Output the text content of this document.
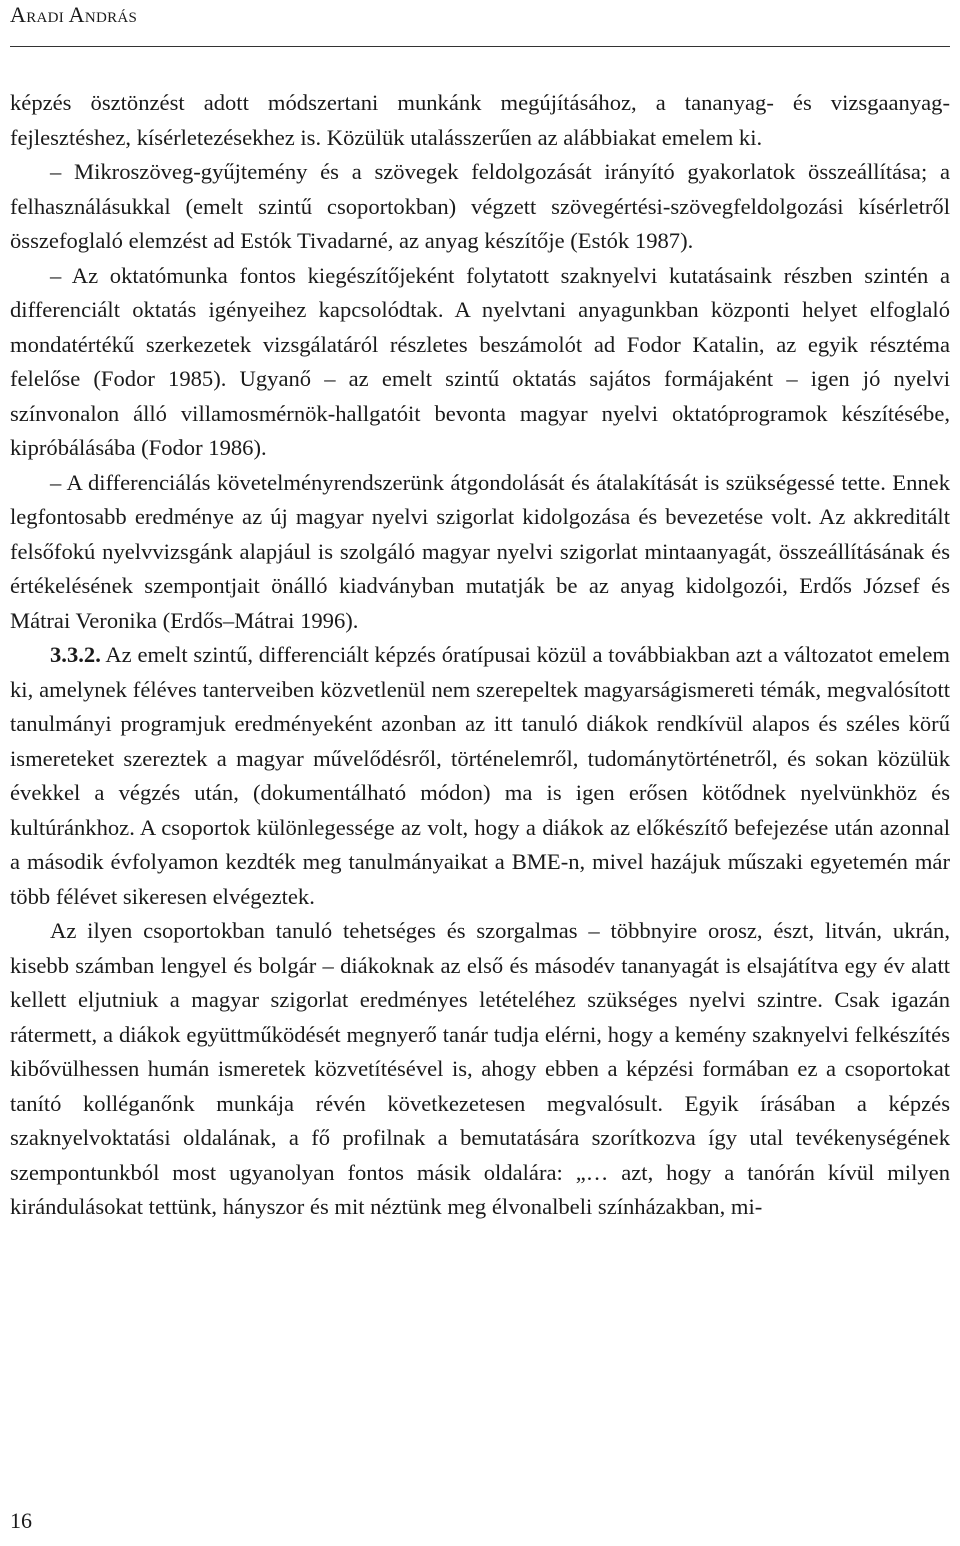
Aradi András

képzés ösztönzést adott módszertani munkánk megújításához, a tananyag- és vizsgaanyag-fejlesztéshez, kísérletezésekhez is. Közülük utalásszerűen az alábbiakat emelem ki.

– Mikroszöveg-gyűjtemény és a szövegek feldolgozását irányító gyakorlatok összeállítása; a felhasználásukkal (emelt szintű csoportokban) végzett szövegértési-szövegfeldolgozási kísérletről összefoglaló elemzést ad Estók Tivadarné, az anyag készítője (Estók 1987).

– Az oktatómunka fontos kiegészítőjeként folytatott szaknyelvi kutatásaink részben szintén a differenciált oktatás igényeihez kapcsolódtak. A nyelvtani anyagunkban központi helyet elfoglaló mondatértékű szerkezetek vizsgálatáról részletes beszámolót ad Fodor Katalin, az egyik résztéma felelőse (Fodor 1985). Ugyanő – az emelt szintű oktatás sajátos formájaként – igen jó nyelvi színvonalon álló villamosmérnök-hallgatóit bevonta magyar nyelvi oktatóprogramok készítésébe, kipróbálásába (Fodor 1986).

– A differenciálás követelményrendszerünk átgondolását és átalakítását is szükségessé tette. Ennek legfontosabb eredménye az új magyar nyelvi szigorlat kidolgozása és bevezetése volt. Az akkreditált felsőfokú nyelvvizsgánk alapjául is szolgáló magyar nyelvi szigorlat mintaanyagát, összeállításának és értékelésének szempontjait önálló kiadványban mutatják be az anyag kidolgozói, Erdős József és Mátrai Veronika (Erdős–Mátrai 1996).

3.3.2. Az emelt szintű, differenciált képzés óratípusai közül a továbbiakban azt a változatot emelem ki, amelynek féléves tanterveiben közvetlenül nem szerepeltek magyarságismereti témák, megvalósított tanulmányi programjuk eredményeként azonban az itt tanuló diákok rendkívül alapos és széles körű ismereteket szereztek a magyar művelődésről, történelemről, tudománytörténetről, és sokan közülük évekkel a végzés után, (dokumentálható módon) ma is igen erősen kötődnek nyelvünkhöz és kultúránkhoz. A csoportok különlegessége az volt, hogy a diákok az előkészítő befejezése után azonnal a második évfolyamon kezdték meg tanulmányaikat a BME-n, mivel hazájuk műszaki egyetemén már több félévet sikeresen elvégeztek.

Az ilyen csoportokban tanuló tehetséges és szorgalmas – többnyire orosz, észt, litván, ukrán, kisebb számban lengyel és bolgár – diákoknak az első és másodév tananyagát is elsajátítva egy év alatt kellett eljutniuk a magyar szigorlat eredményes letételéhez szükséges nyelvi szintre. Csak igazán rátermett, a diákok együttműködését megnyerő tanár tudja elérni, hogy a kemény szaknyelvi felkészítés kibővülhessen humán ismeretek közvetítésével is, ahogy ebben a képzési formában ez a csoportokat tanító kolléganőnk munkája révén következetesen megvalósult. Egyik írásában a képzés szaknyelvoktatási oldalának, a fő profilnak a bemutatására szorítkozva így utal tevékenységének szempontunkból most ugyanolyan fontos másik oldalára: „… azt, hogy a tanórán kívül milyen kirándulásokat tettünk, hányszor és mit néztünk meg élvonalbeli színházakban, mi-

16
